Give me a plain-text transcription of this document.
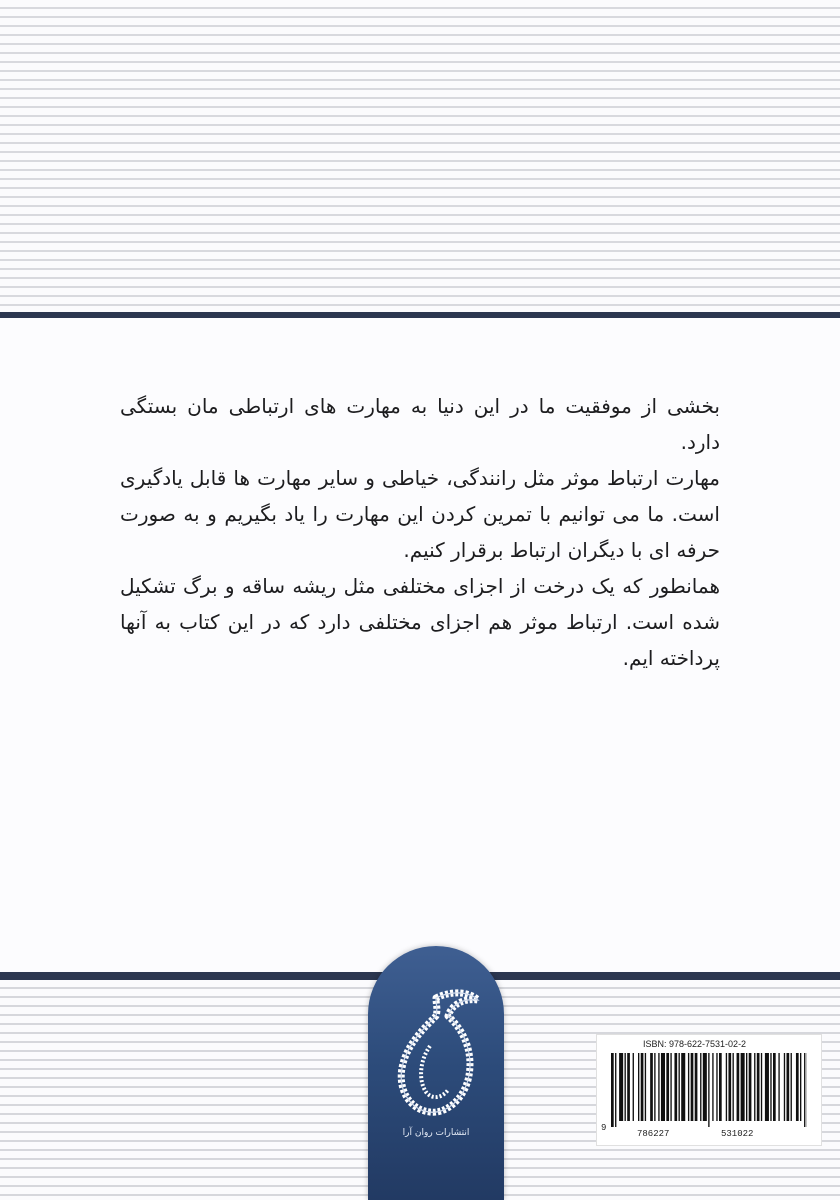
بخشی از موفقیت ما در این دنیا به مهارت های ارتباطی مان بستگی دارد.

مهارت ارتباط موثر مثل رانندگی، خیاطی و سایر مهارت ها قابل یادگیری است. ما می توانیم با تمرین کردن این مهارت را یاد بگیریم و به صورت حرفه ای با دیگران ارتباط برقرار کنیم.

همانطور که یک درخت از اجزای مختلفی مثل ریشه ساقه و برگ تشکیل شده است. ارتباط موثر هم اجزای مختلفی دارد که در این کتاب به آنها پرداخته ایم.

انتشارات روان آرا
ISBN: 978-622-7531-02-2
9
786227	531022
